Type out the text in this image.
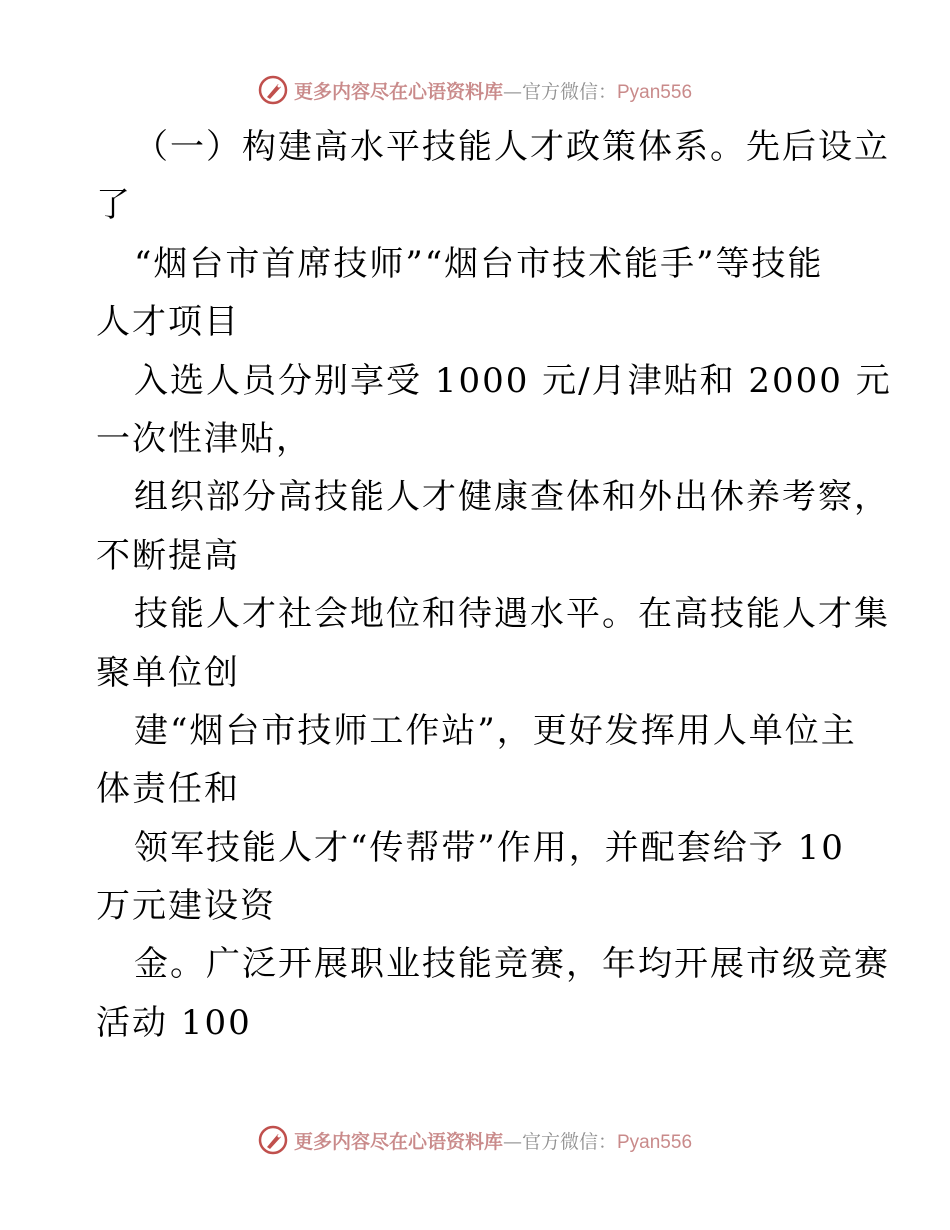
更多内容尽在心语资料库—官方微信：Pyan556
（一）构建高水平技能人才政策体系。先后设立
了
“烟台市首席技师”“烟台市技术能手”等技能
人才项目
入选人员分别享受 1000 元/月津贴和 2000 元
一次性津贴，
组织部分高技能人才健康查体和外出休养考察，
不断提高
技能人才社会地位和待遇水平。在高技能人才集
聚单位创
建“烟台市技师工作站”，更好发挥用人单位主
体责任和
领军技能人才“传帮带”作用，并配套给予 10
万元建设资
金。广泛开展职业技能竞赛，年均开展市级竞赛
活动 100
更多内容尽在心语资料库—官方微信：Pyan556
